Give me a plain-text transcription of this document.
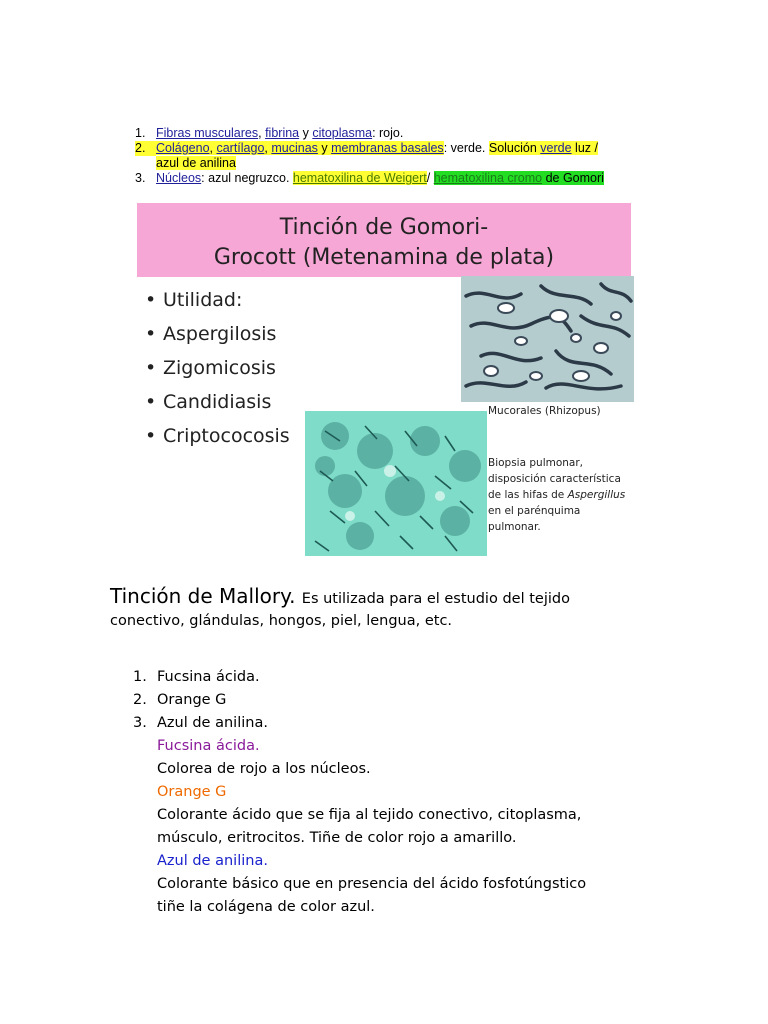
1. Fibras musculares, fibrina y citoplasma: rojo.
2. Colágeno, cartílago, mucinas y membranas basales: verde. Solución verde luz /
azul de anilina
3. Núcleos: azul negruzco. hematoxilina de Weigert/ hematoxilina cromo de Gomori
Tinción de Gomori-
Grocott (Metenamina de plata)
• Utilidad:
• Aspergilosis
• Zigomicosis
• Candidiasis
• Criptococosis
Mucorales (Rhizopus)
Biopsia pulmonar,
disposición característica
de las hifas de Aspergillus
en el parénquima
pulmonar.
Tinción de Mallory. Es utilizada para el estudio del tejido
conectivo, glándulas, hongos, piel, lengua, etc.
1. Fucsina ácida.
2. Orange G
3. Azul de anilina.
Fucsina ácida.
Colorea de rojo a los núcleos.
Orange G
Colorante ácido que se fija al tejido conectivo, citoplasma,
músculo, eritrocitos. Tiñe de color rojo a amarillo.
Azul de anilina.
Colorante básico que en presencia del ácido fosfotúngstico
tiñe la colágena de color azul.
